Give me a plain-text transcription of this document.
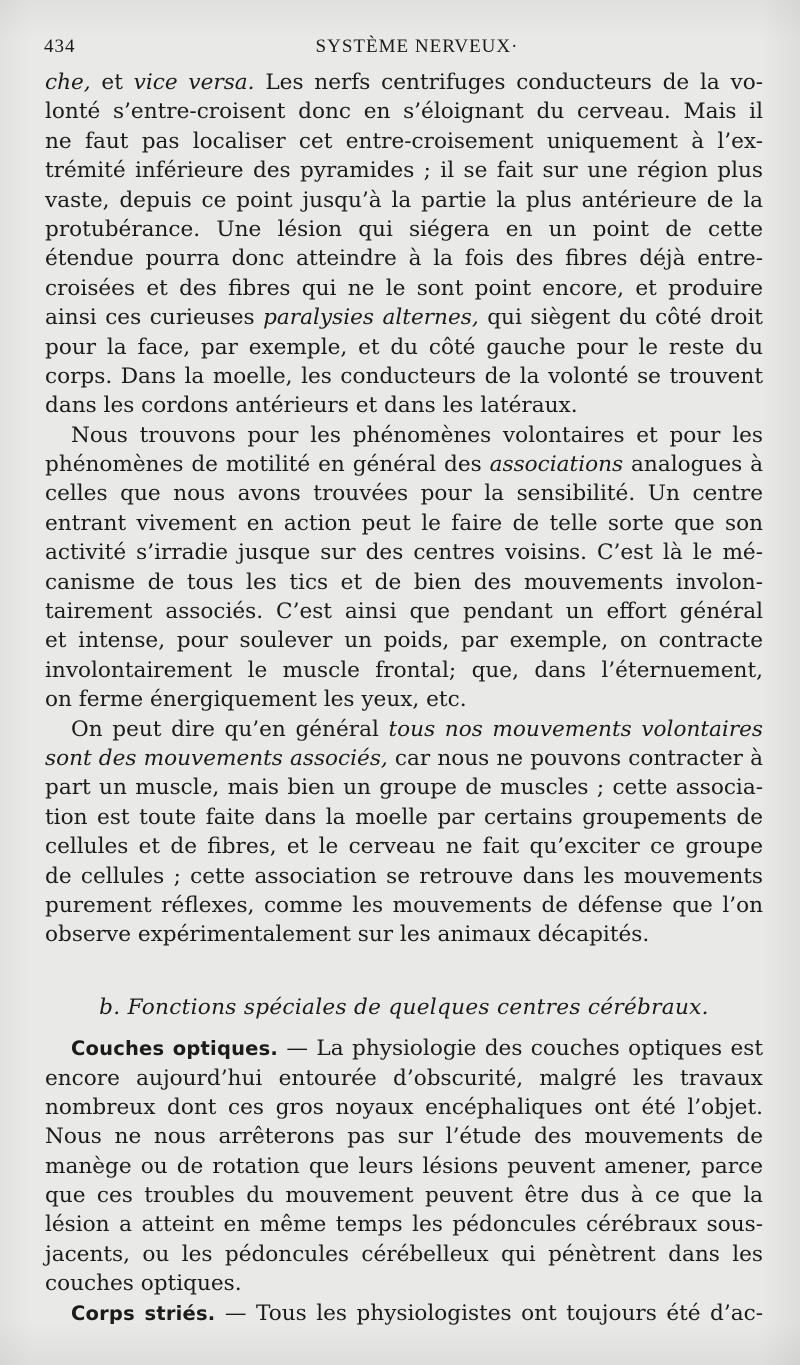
434	SYSTÈME NERVEUX·
che, et vice versa. Les nerfs centrifuges conducteurs de la vo-
lonté s’entre-croisent donc en s’éloignant du cerveau. Mais il
ne faut pas localiser cet entre-croisement uniquement à l’ex-
trémité inférieure des pyramides ; il se fait sur une région plus
vaste, depuis ce point jusqu’à la partie la plus antérieure de la
protubérance. Une lésion qui siégera en un point de cette
étendue pourra donc atteindre à la fois des fibres déjà entre-
croisées et des fibres qui ne le sont point encore, et produire
ainsi ces curieuses paralysies alternes, qui siègent du côté droit
pour la face, par exemple, et du côté gauche pour le reste du
corps. Dans la moelle, les conducteurs de la volonté se trouvent
dans les cordons antérieurs et dans les latéraux.
Nous trouvons pour les phénomènes volontaires et pour les
phénomènes de motilité en général des associations analogues à
celles que nous avons trouvées pour la sensibilité. Un centre
entrant vivement en action peut le faire de telle sorte que son
activité s’irradie jusque sur des centres voisins. C’est là le mé-
canisme de tous les tics et de bien des mouvements involon-
tairement associés. C’est ainsi que pendant un effort général
et intense, pour soulever un poids, par exemple, on contracte
involontairement le muscle frontal; que, dans l’éternuement,
on ferme énergiquement les yeux, etc.
On peut dire qu’en général tous nos mouvements volontaires
sont des mouvements associés, car nous ne pouvons contracter à
part un muscle, mais bien un groupe de muscles ; cette associa-
tion est toute faite dans la moelle par certains groupements de
cellules et de fibres, et le cerveau ne fait qu’exciter ce groupe
de cellules ; cette association se retrouve dans les mouvements
purement réflexes, comme les mouvements de défense que l’on
observe expérimentalement sur les animaux décapités.
b. Fonctions spéciales de quelques centres cérébraux.
Couches optiques. — La physiologie des couches optiques est
encore aujourd’hui entourée d’obscurité, malgré les travaux
nombreux dont ces gros noyaux encéphaliques ont été l’objet.
Nous ne nous arrêterons pas sur l’étude des mouvements de
manège ou de rotation que leurs lésions peuvent amener, parce
que ces troubles du mouvement peuvent être dus à ce que la
lésion a atteint en même temps les pédoncules cérébraux sous-
jacents, ou les pédoncules cérébelleux qui pénètrent dans les
couches optiques.
Corps striés. — Tous les physiologistes ont toujours été d’ac-
